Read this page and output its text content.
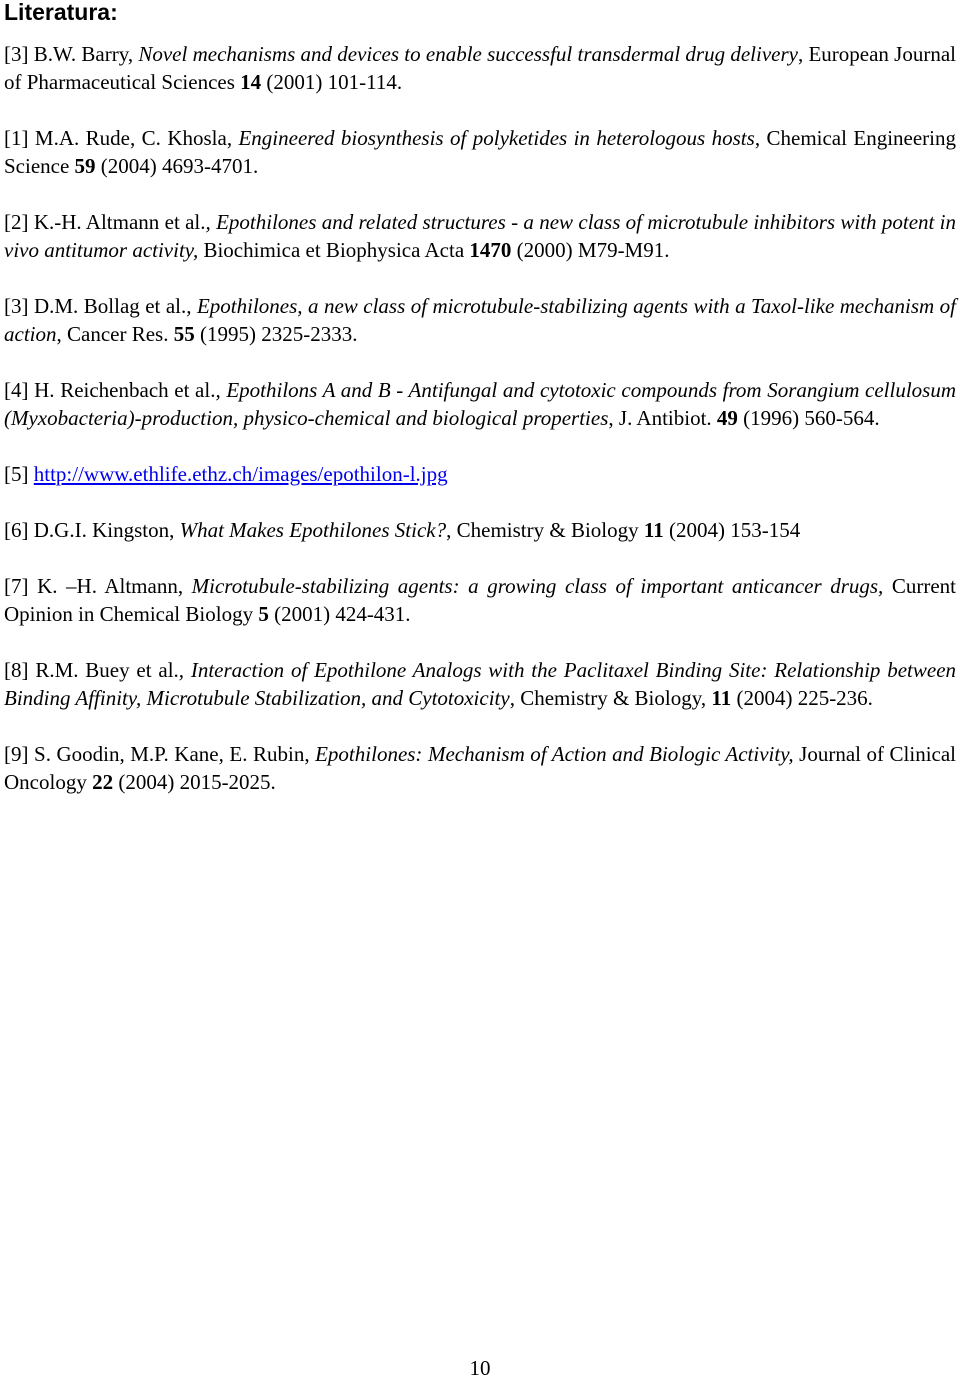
Literatura:

[3] B.W. Barry, Novel mechanisms and devices to enable successful transdermal drug delivery, European Journal of Pharmaceutical Sciences 14 (2001) 101-114.

[1] M.A. Rude, C. Khosla, Engineered biosynthesis of polyketides in heterologous hosts, Chemical Engineering Science 59 (2004) 4693-4701.

[2] K.-H. Altmann et al., Epothilones and related structures - a new class of microtubule inhibitors with potent in vivo antitumor activity, Biochimica et Biophysica Acta 1470 (2000) M79-M91.

[3] D.M. Bollag et al., Epothilones, a new class of microtubule-stabilizing agents with a Taxol-like mechanism of action, Cancer Res. 55 (1995) 2325-2333.

[4] H. Reichenbach et al., Epothilons A and B - Antifungal and cytotoxic compounds from Sorangium cellulosum (Myxobacteria)-production, physico-chemical and biological properties, J. Antibiot. 49 (1996) 560-564.

[5] http://www.ethlife.ethz.ch/images/epothilon-l.jpg

[6] D.G.I. Kingston, What Makes Epothilones Stick?, Chemistry & Biology 11 (2004) 153-154

[7] K. –H. Altmann, Microtubule-stabilizing agents: a growing class of important anticancer drugs, Current Opinion in Chemical Biology 5 (2001) 424-431.

[8] R.M. Buey et al., Interaction of Epothilone Analogs with the Paclitaxel Binding Site: Relationship between Binding Affinity, Microtubule Stabilization, and Cytotoxicity, Chemistry & Biology, 11 (2004) 225-236.

[9] S. Goodin, M.P. Kane, E. Rubin, Epothilones: Mechanism of Action and Biologic Activity, Journal of Clinical Oncology 22 (2004) 2015-2025.

10
